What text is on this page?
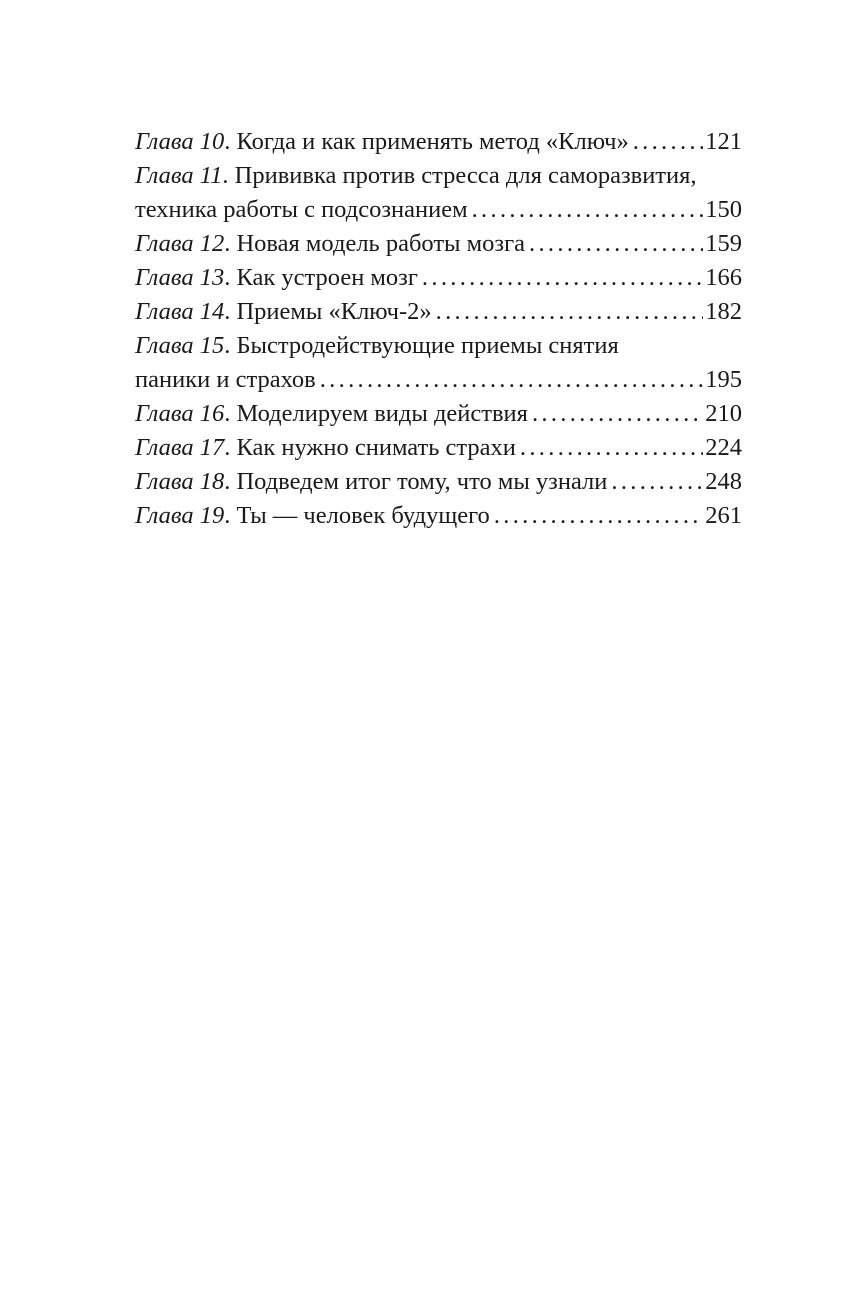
Глава 10 . Когда и как применять метод «Ключ» . . .	121
Глава 11 . Прививка против стресса для саморазвития,
техника работы с подсознанием . . .	150
Глава 12 . Новая модель работы мозга . . .	159
Глава 13 . Как устроен мозг . . .	166
Глава 14 . Приемы «Ключ-2» . . .	182
Глава 15 . Быстродействующие приемы снятия
паники и страхов . . .	195
Глава 16 . Моделируем виды действия . . .	210
Глава 17 . Как нужно снимать страхи . . .	224
Глава 18 . Подведем итог тому, что мы узнали . . .	248
Глава 19 . Ты — человек будущего . . .	261
